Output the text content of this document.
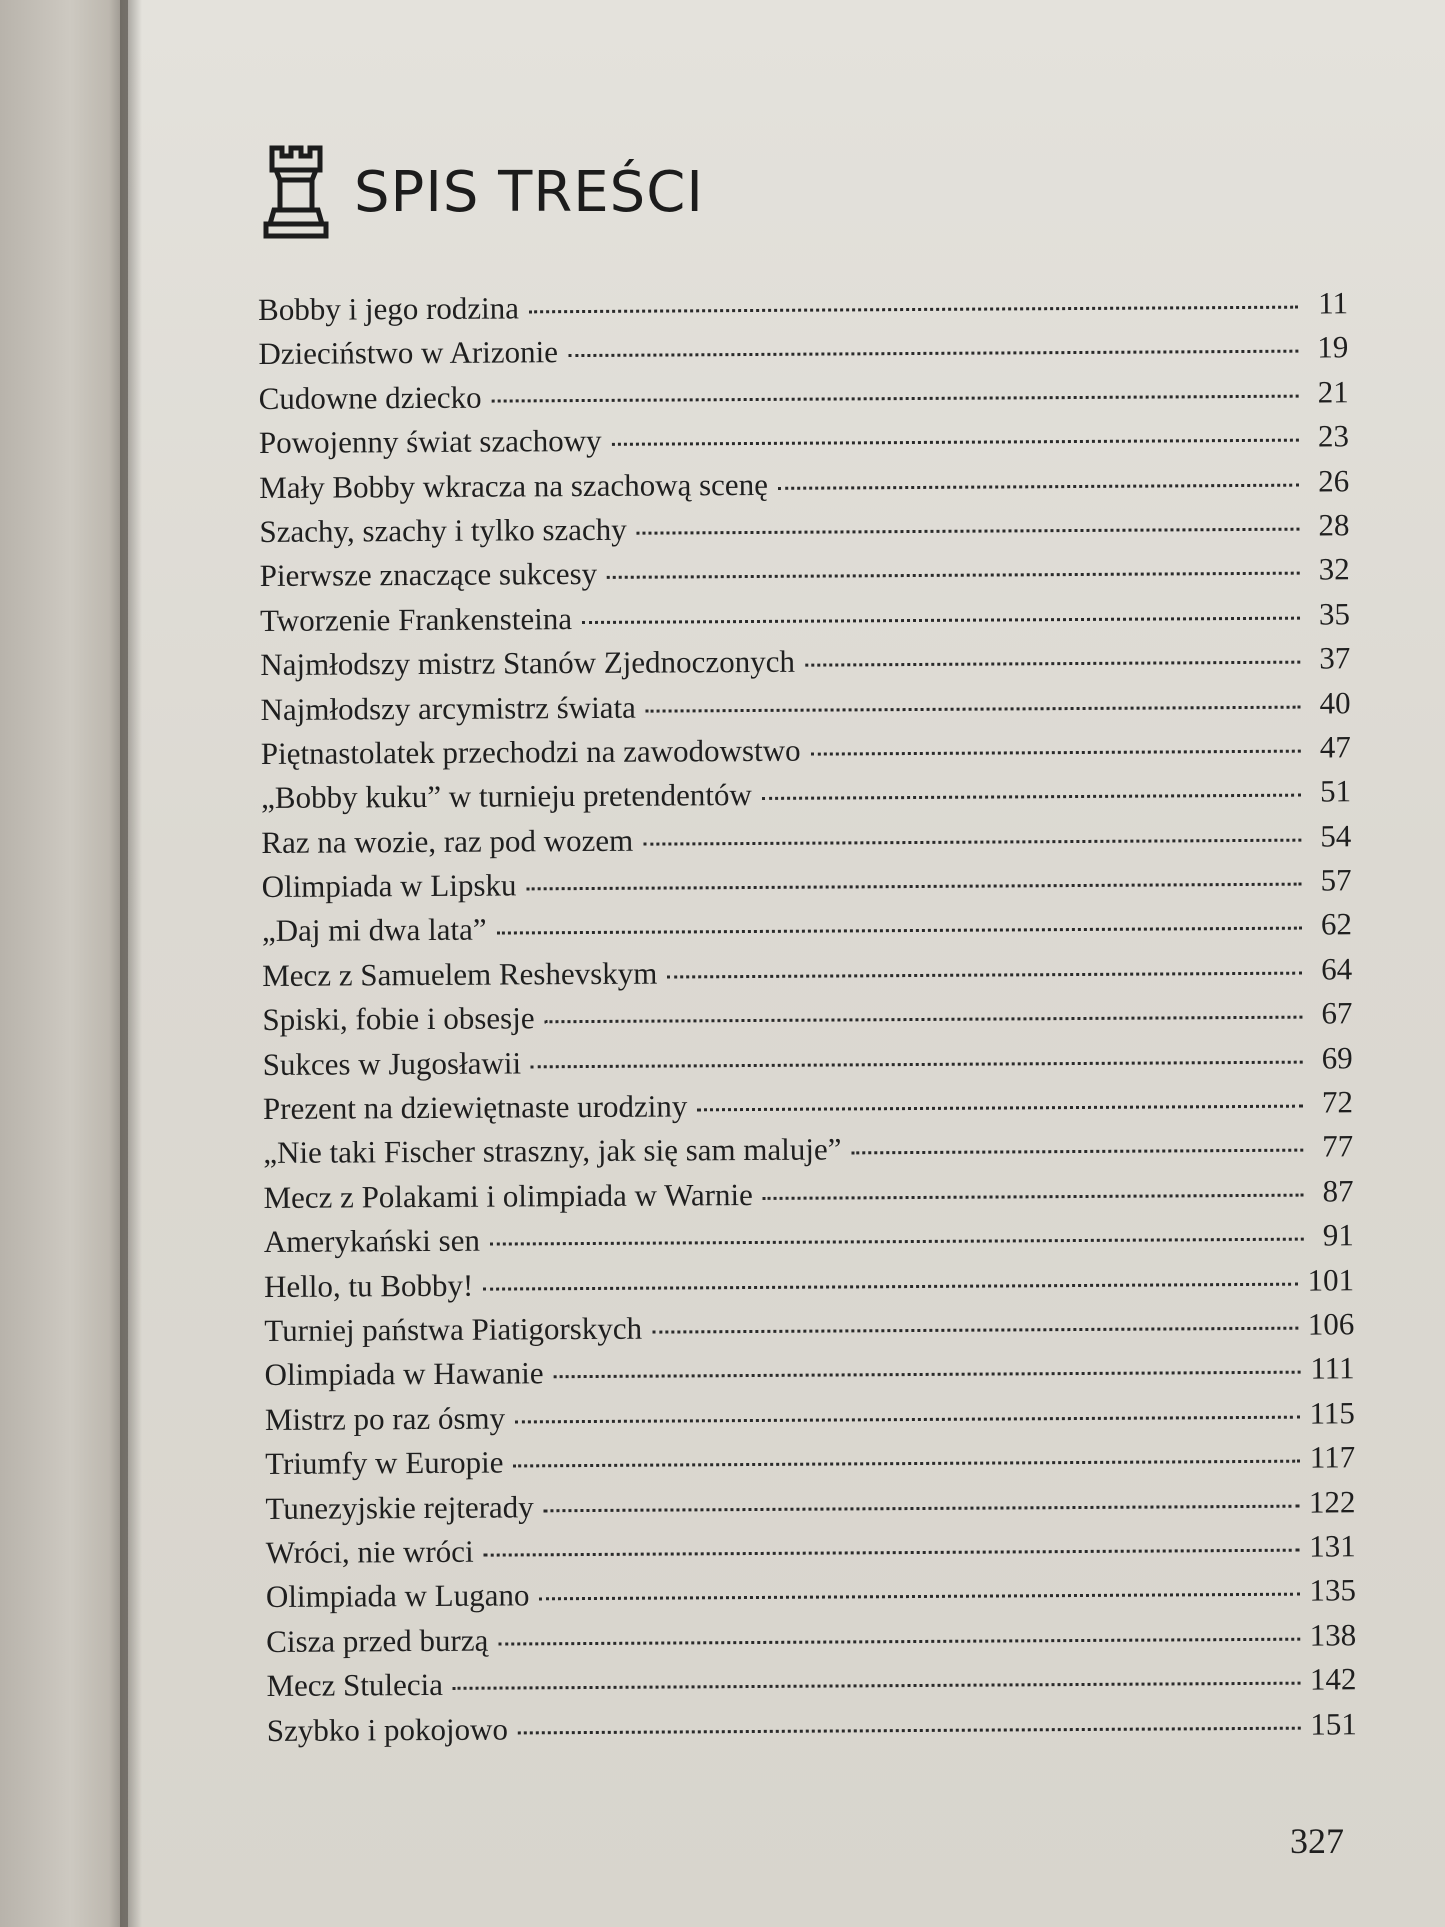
SPIS TREŚCI
Bobby i jego rodzina	11
Dzieciństwo w Arizonie	19
Cudowne dziecko	21
Powojenny świat szachowy	23
Mały Bobby wkracza na szachową scenę	26
Szachy, szachy i tylko szachy	28
Pierwsze znaczące sukcesy	32
Tworzenie Frankensteina	35
Najmłodszy mistrz Stanów Zjednoczonych	37
Najmłodszy arcymistrz świata	40
Piętnastolatek przechodzi na zawodowstwo	47
„Bobby kuku” w turnieju pretendentów	51
Raz na wozie, raz pod wozem	54
Olimpiada w Lipsku	57
„Daj mi dwa lata”	62
Mecz z Samuelem Reshevskym	64
Spiski, fobie i obsesje	67
Sukces w Jugosławii	69
Prezent na dziewiętnaste urodziny	72
„Nie taki Fischer straszny, jak się sam maluje”	77
Mecz z Polakami i olimpiada w Warnie	87
Amerykański sen	91
Hello, tu Bobby!	101
Turniej państwa Piatigorskych	106
Olimpiada w Hawanie	111
Mistrz po raz ósmy	115
Triumfy w Europie	117
Tunezyjskie rejterady	122
Wróci, nie wróci	131
Olimpiada w Lugano	135
Cisza przed burzą	138
Mecz Stulecia	142
Szybko i pokojowo	151
327
